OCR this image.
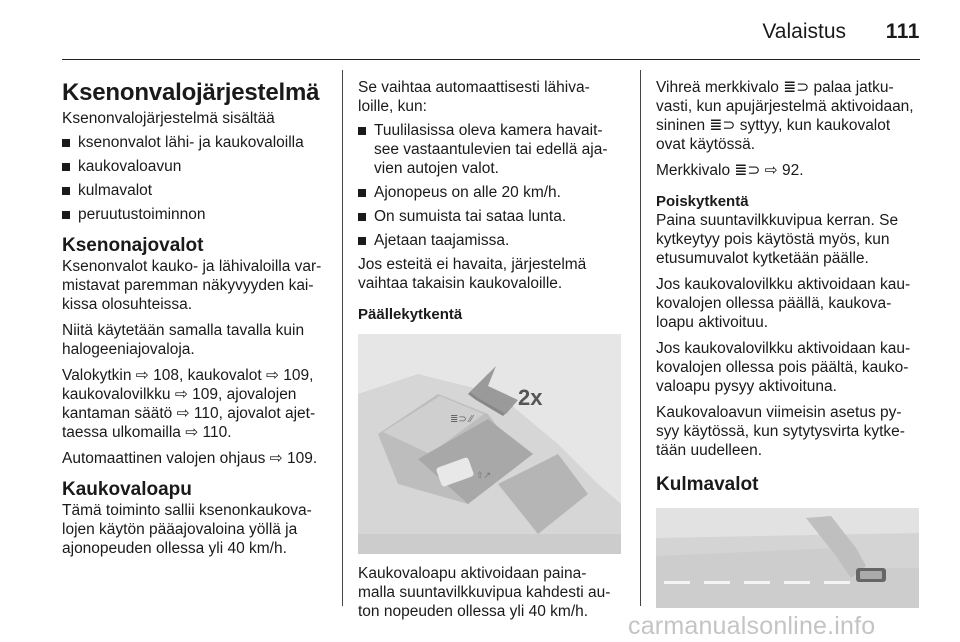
Valaistus 111
Ksenonvalojärjestelmä

Ksenonvalojärjestelmä sisältää

ksenonvalot lähi- ja kaukovaloilla
kaukovaloavun
kulmavalot
peruutustoiminnon
Ksenonajovalot

Ksenonvalot kauko- ja lähivaloilla var-
mistavat paremman näkyvyyden kai-
kissa olosuhteissa.

Niitä käytetään samalla tavalla kuin
halogeeniajovaloja.

Valokytkin ⇨ 108, kaukovalot ⇨ 109,
kaukovalovilkku ⇨ 109, ajovalojen
kantaman säätö ⇨ 110, ajovalot ajet-
taessa ulkomailla ⇨ 110.

Automaattinen valojen ohjaus ⇨ 109.

Kaukovaloapu

Tämä toiminto sallii ksenonkaukova-
lojen käytön pääajovaloina yöllä ja
ajonopeuden ollessa yli 40 km/h.

Se vaihtaa automaattisesti lähiva-
loille, kun:

Tuulilasissa oleva kamera havait-
see vastaantulevien tai edellä aja-
vien autojen valot.
Ajonopeus on alle 20 km/h.
On sumuista tai sataa lunta.
Ajetaan taajamissa.

Jos esteitä ei havaita, järjestelmä
vaihtaa takaisin kaukovaloille.

Päällekytkentä
≣⊃ ⁄⁄
⇧↗
2x

Kaukovaloapu aktivoidaan paina-
malla suuntavilkkuvipua kahdesti au-
ton nopeuden ollessa yli 40 km/h.

Vihreä merkkivalo ≣⊃ palaa jatku-
vasti, kun apujärjestelmä aktivoidaan,
sininen ≣⊃ syttyy, kun kaukovalot
ovat käytössä.

Merkkivalo ≣⊃ ⇨ 92.

Poiskytkentä

Paina suuntavilkkuvipua kerran. Se
kytkeytyy pois käytöstä myös, kun
etusumuvalot kytketään päälle.

Jos kaukovalovilkku aktivoidaan kau-
kovalojen ollessa päällä, kaukova-
loapu aktivoituu.

Jos kaukovalovilkku aktivoidaan kau-
kovalojen ollessa pois päältä, kauko-
valoapu pysyy aktivoituna.

Kaukovaloavun viimeisin asetus py-
syy käytössä, kun sytytysvirta kytke-
tään uudelleen.

Kulmavalot
carmanualsonline.info
